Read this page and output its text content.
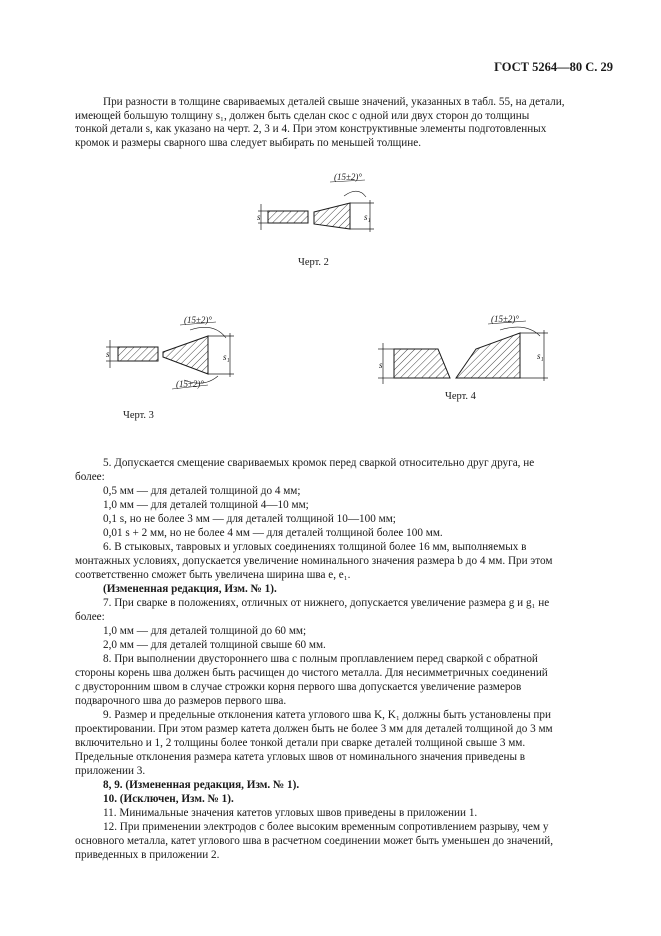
ГОСТ 5264—80 С. 29

При разности в толщине свариваемых деталей свыше значений, указанных в табл. 55, на детали,
имеющей большую толщину s₁, должен быть сделан скос с одной или двух сторон до толщины
тонкой детали s, как указано на черт. 2, 3 и 4. При этом конструктивные элементы подготовленных
кромок и размеры сварного шва следует выбирать по меньшей толщине.

s	s₁
(15±2)°
Черт. 2
s	s₁
(15±2)°
(15±2)°
Черт. 3
s
s₁
(15±2)°
Черт. 4

5. Допускается смещение свариваемых кромок перед сваркой относительно друг друга, не

более:

0,5 мм — для деталей толщиной до 4 мм;

1,0 мм — для деталей толщиной 4—10 мм;

0,1 s, но не более 3 мм — для деталей толщиной 10—100 мм;

0,01 s + 2 мм, но не более 4 мм — для деталей толщиной более 100 мм.

6. В стыковых, тавровых и угловых соединениях толщиной более 16 мм, выполняемых в

монтажных условиях, допускается увеличение номинального значения размера b до 4 мм. При этом

соответственно сможет быть увеличена ширина шва e, e₁.

(Измененная редакция, Изм. № 1).

7. При сварке в положениях, отличных от нижнего, допускается увеличение размера g и g₁ не

более:

1,0 мм — для деталей толщиной до 60 мм;

2,0 мм — для деталей толщиной свыше 60 мм.

8. При выполнении двустороннего шва с полным проплавлением перед сваркой с обратной

стороны корень шва должен быть расчищен до чистого металла. Для несимметричных соединений

с двусторонним швом в случае строжки корня первого шва допускается увеличение размеров

подварочного шва до размеров первого шва.

9. Размер и предельные отклонения катета углового шва K, K₁ должны быть установлены при

проектировании. При этом размер катета должен быть не более 3 мм для деталей толщиной до 3 мм

включительно и 1, 2 толщины более тонкой детали при сварке деталей толщиной свыше 3 мм.

Предельные отклонения размера катета угловых швов от номинального значения приведены в

приложении 3.

8, 9. (Измененная редакция, Изм. № 1).

10. (Исключен, Изм. № 1).

11. Минимальные значения катетов угловых швов приведены в приложении 1.

12. При применении электродов с более высоким временным сопротивлением разрыву, чем у

основного металла, катет углового шва в расчетном соединении может быть уменьшен до значений,

приведенных в приложении 2.
